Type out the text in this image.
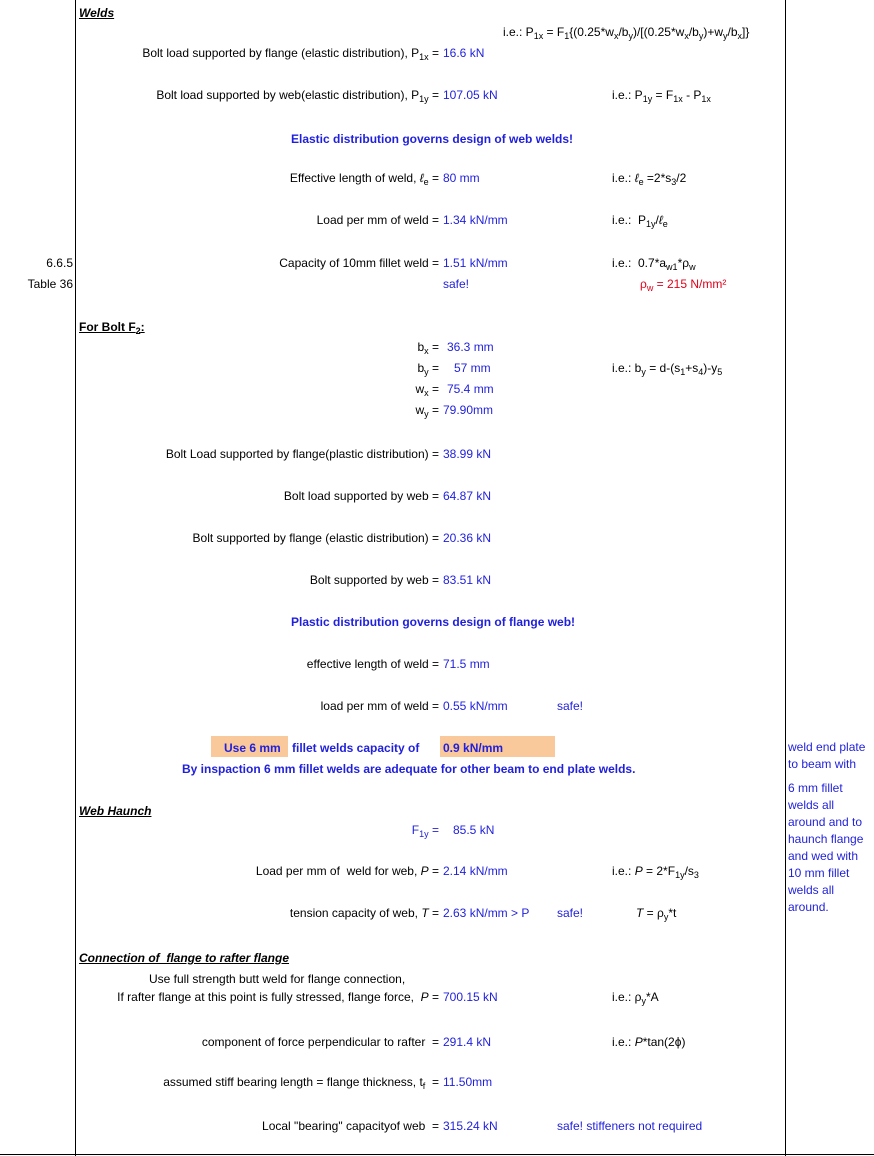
6.6.5
Table 36
Welds
i.e.: $P_{1x} = F_1\{(0.25*w_x/b_y)/[(0.25*w_x/b_y)+w_y/b_x]\}$
Bolt load supported by flange (elastic distribution), $P_{1x} = 16.6$ kN
Bolt load supported by web(elastic distribution), $P_{1y} = 107.05$ kN	i.e.: $P_{1y} = F_{1x} - P_{1x}$
Elastic distribution governs design of web welds!
Effective length of weld, ℓ$_e$ = 80 mm	i.e.: ℓ$_e$ $=2*s_3/2$
Load per mm of weld = 1.34 kN/mm	i.e.:  $P_{1y}/\ell_e$
Capacity of 10mm fillet weld = 1.51 kN/mm	i.e.:  $0.7*a_{w1}*\rho_w$
safe!	$\rho_w = 215$ N/mm²
For Bolt $F_2$:
$b_x = 36.3$ mm
$b_y = 57$ mm	i.e.: $b_y = d-(s_1+s_4)-y_5$
$w_x = 75.4$ mm
$w_y = 79.90mm$
Bolt Load supported by flange(plastic distribution) = 38.99 kN
Bolt load supported by web = 64.87 kN
Bolt supported by flange (elastic distribution) = 20.36 kN
Bolt supported by web = 83.51 kN
Plastic distribution governs design of flange web!
effective length of weld = 71.5 mm
load per mm of weld = 0.55 kN/mm	safe!
Use 6 mm fillet welds capacity of 0.9 kN/mm
By inspaction 6 mm fillet welds are adequate for other beam to end plate welds.
weld end plate to beam with
6 mm fillet welds all around and to haunch flange and wed with 10 mm fillet welds all around.
Web Haunch
$F_{1y} = 85.5$ kN
Load per mm of  weld for web, P = 2.14 kN/mm	i.e.: $P = 2*F_{1y}/s_3$
tension capacity of web, T = 2.63 kN/mm > P safe!	$T = \rho_y*t$
Connection of  flange to rafter flange
Use full strength butt weld for flange connection,
If rafter flange at this point is fully stressed, flange force,  P = 700.15 kN	i.e.: $\rho_y*A$
component of force perpendicular to rafter  = 291.4 kN	i.e.: P*tan(2ϕ)
assumed stiff bearing length = flange thickness, $t_f = 11.50mm$
Local "bearing" capacityof web  = 315.24 kN	safe! stiffeners not required
